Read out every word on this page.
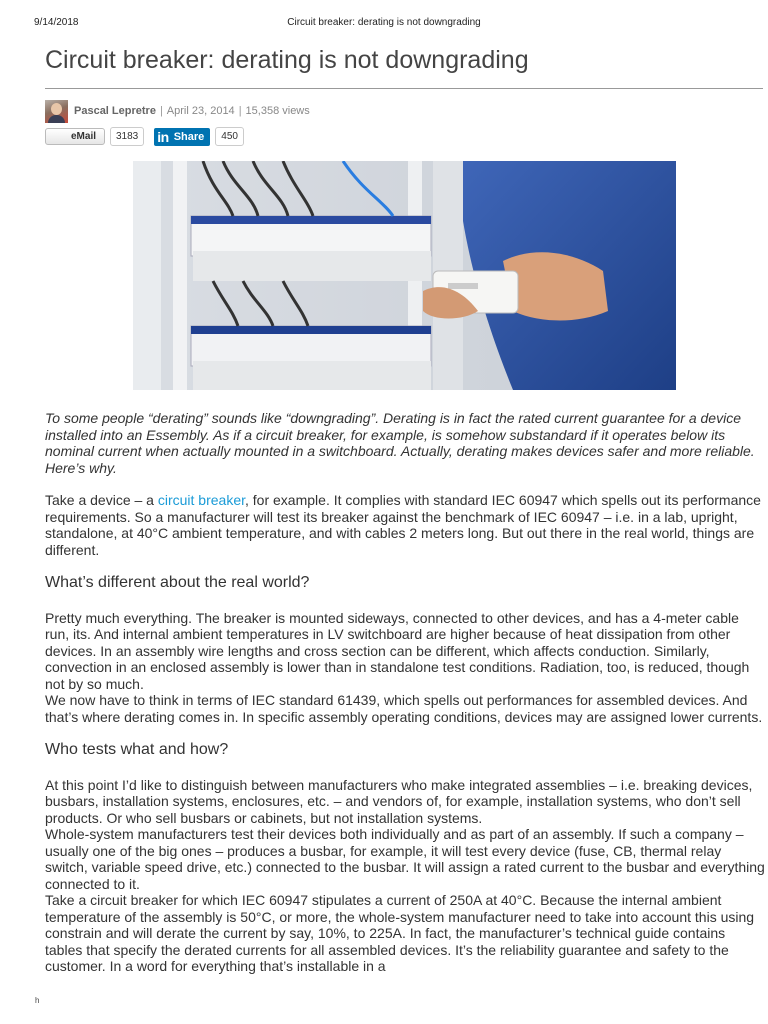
9/14/2018	Circuit breaker: derating is not downgrading
Circuit breaker: derating is not downgrading
Pascal Lepretre | April 23, 2014 | 15,358 views
eMail	3183	in Share	450

To some people “derating” sounds like “downgrading”. Derating is in fact the rated current guarantee for a device installed into an Essembly. As if a circuit breaker, for example, is somehow substandard if it operates below its nominal current when actually mounted in a switchboard. Actually, derating makes devices safer and more reliable. Here’s why.

Take a device – a circuit breaker, for example. It complies with standard IEC 60947 which spells out its performance requirements. So a manufacturer will test its breaker against the benchmark of IEC 60947 – i.e. in a lab, upright, standalone, at 40°C ambient temperature, and with cables 2 meters long. But out there in the real world, things are different.

What’s different about the real world?

Pretty much everything. The breaker is mounted sideways, connected to other devices, and has a 4-meter cable run, its. And internal ambient temperatures in LV switchboard are higher because of heat dissipation from other devices. In an assembly wire lengths and cross section can be different, which affects conduction. Similarly, convection in an enclosed assembly is lower than in standalone test conditions. Radiation, too, is reduced, though not by so much.

We now have to think in terms of IEC standard 61439, which spells out performances for assembled devices. And that’s where derating comes in. In specific assembly operating conditions, devices may are assigned lower currents.

Who tests what and how?

At this point I’d like to distinguish between manufacturers who make integrated assemblies – i.e. breaking devices, busbars, installation systems, enclosures, etc. – and vendors of, for example, installation systems, who don’t sell products. Or who sell busbars or cabinets, but not installation systems.

Whole-system manufacturers test their devices both individually and as part of an assembly. If such a company – usually one of the big ones – produces a busbar, for example, it will test every device (fuse, CB, thermal relay switch, variable speed drive, etc.) connected to the busbar. It will assign a rated current to the busbar and everything connected to it.

Take a circuit breaker for which IEC 60947 stipulates a current of 250A at 40°C. Because the internal ambient temperature of the assembly is 50°C, or more, the whole-system manufacturer need to take into account this using constrain and will derate the current by say, 10%, to 225A. In fact, the manufacturer’s technical guide contains tables that specify the derated currents for all assembled devices. It’s the reliability guarantee and safety to the customer. In a word for everything that’s installable in a

h
